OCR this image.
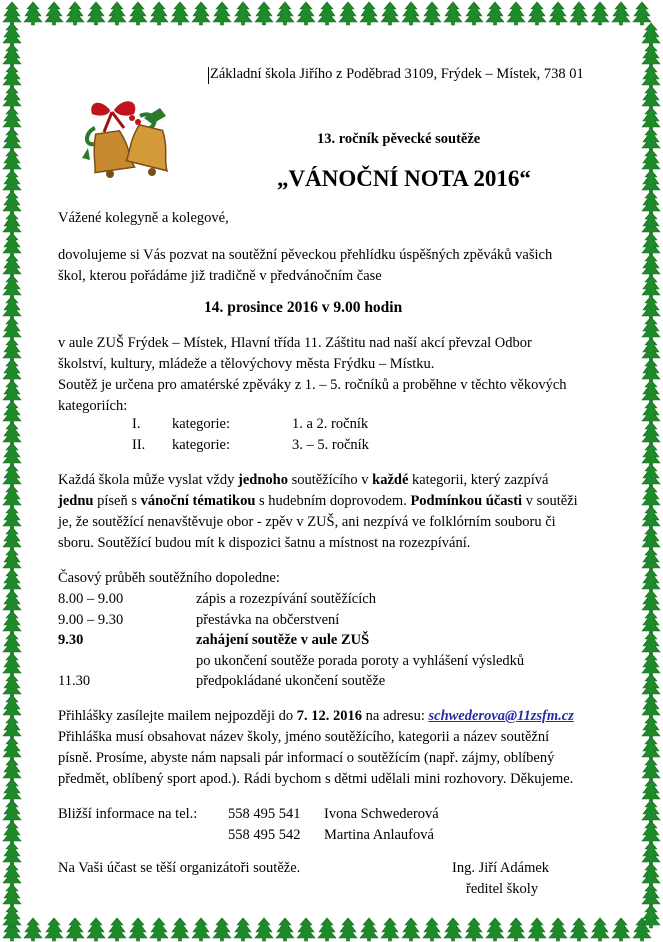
Základní škola Jiřího z Poděbrad 3109, Frýdek – Místek, 738 01
13. ročník pěvecké soutěže
„VÁNOČNÍ NOTA 2016“
Vážené kolegyně a kolegové,
dovolujeme si Vás pozvat na soutěžní pěveckou přehlídku úspěšných zpěváků vašich
škol, kterou pořádáme již tradičně v předvánočním čase
14. prosince 2016 v 9.00 hodin
v aule ZUŠ Frýdek – Místek, Hlavní třída 11. Záštitu nad naší akcí převzal Odbor
školství, kultury, mládeže a tělovýchovy města Frýdku – Místku.
Soutěž je určena pro amatérské zpěváky z 1. – 5. ročníků a proběhne v těchto věkových
kategoriích:
I. kategorie:	1. a 2. ročník
II. kategorie:	3. – 5. ročník
Každá škola může vyslat vždy jednoho soutěžícího v každé kategorii, který zazpívá
jednu píseň s vánoční tématikou s hudebním doprovodem. Podmínkou účasti v soutěži
je, že soutěžící nenavštěvuje obor - zpěv v ZUŠ, ani nezpívá ve folklórním souboru či
sboru. Soutěžící budou mít k dispozici šatnu a místnost na rozezpívání.
Časový průběh soutěžního dopoledne:
8.00 – 9.00	zápis a rozezpívání soutěžících
9.00 – 9.30	přestávka na občerstvení
9.30	zahájení soutěže v aule ZUŠ
po ukončení soutěže porada poroty a vyhlášení výsledků
11.30	předpokládané ukončení soutěže
Přihlášky zasílejte mailem nejpozději do 7. 12. 2016 na adresu: schwederova@11zsfm.cz
Přihláška musí obsahovat název školy, jméno soutěžícího, kategorii a název soutěžní
písně. Prosíme, abyste nám napsali pár informací o soutěžícím (např. zájmy, oblíbený
předmět, oblíbený sport apod.). Rádi bychom s dětmi udělali mini rozhovory. Děkujeme.
Bližší informace na tel.: 558 495 541 Ivona Schwederová
558 495 542 Martina Anlaufová
Na Vaši účast se těší organizátoři soutěže.	Ing. Jiří Adámek
ředitel školy
